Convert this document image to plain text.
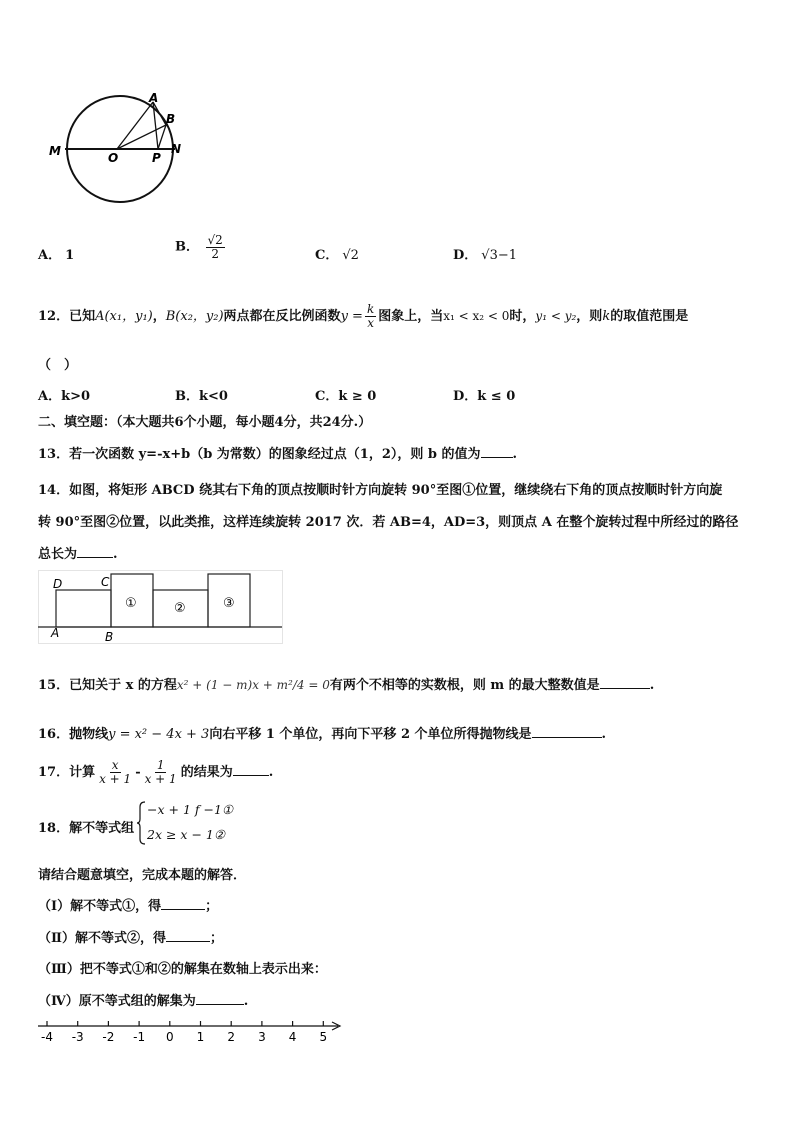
A
B
M	O	P
N
A． 1
B． $\frac{√2}{2}$	C． √2	D． √3−1
12．已知A(x₁，y₁)，B(x₂，y₂)两点都在反比例函数$y = \frac{k}{x}$ 图象上，当x₁ < x₂ < 0时，y₁ < y₂，则k的取值范围是
（　）
A．k>0	B．k<0	C．k ≥ 0	D．k ≤ 0
二、填空题：（本大题共6个小题，每小题4分，共24分.）
13．若一次函数 y=-x+b（b 为常数）的图象经过点（1，2），则 b 的值为 .
14．如图，将矩形 ABCD 绕其右下角的顶点按顺时针方向旋转 90°至图①位置，继续绕右下角的顶点按顺时针方向旋
转 90°至图②位置，以此类推，这样连续旋转 2017 次．若 AB=4，AD=3，则顶点 A 在整个旋转过程中所经过的路径
总长为	.
D	C
A	B
①	②	③
15．已知关于 x 的方程x² + (1 − m)x + m²/4 = 0有两个不相等的实数根，则 m 的最大整数值是	.
16．抛物线y = x² − 4x + 3向右平移 1 个单位，再向下平移 2 个单位所得抛物线是	.
17．计算 $\frac{x}{x + 1} - \frac{1}{x + 1}$ 的结果为	.
18．解不等式组
−x + 1 f −1①
2x ≥ x − 1②
请结合题意填空，完成本题的解答．
（Ⅰ）解不等式①，得	；
（Ⅱ）解不等式②，得	；
（Ⅲ）把不等式①和②的解集在数轴上表示出来：
（Ⅳ）原不等式组的解集为	.
-4 -3 -2 -1 0 1 2 3 4 5
